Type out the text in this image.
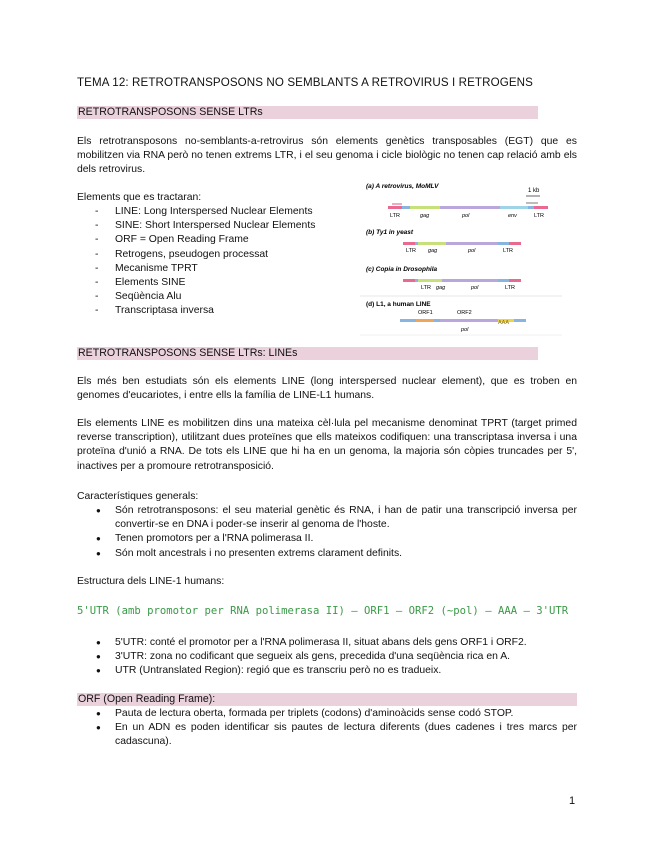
TEMA 12: RETROTRANSPOSONS NO SEMBLANTS A RETROVIRUS I RETROGENS
RETROTRANSPOSONS SENSE LTRs

Els retrotransposons no-semblants-a-retrovirus són elements genètics transposables (EGT) que es mobilitzen via RNA però no tenen extrems LTR, i el seu genoma i cicle biològic no tenen cap relació amb els dels retrovirus.

Elements que es tractaran:
- LINE: Long Interspersed Nuclear Elements
- SINE: Short Interspersed Nuclear Elements
- ORF = Open Reading Frame
- Retrogens, pseudogen processat
- Mecanisme TPRT
- Elements SINE
- Seqüència Alu
- Transcriptasa inversa
(a) A retrovirus, MoMLV
1 kb
LTR	gag	pol	env	LTR
(b) Ty1 in yeast
LTR gag	pol	LTR
(c) Copia in Drosophila
LTR gag	pol	LTR
(d) L1, a human LINE
ORF1	ORF2
AAA
pol
RETROTRANSPOSONS SENSE LTRs: LINEs

Els més ben estudiats són els elements LINE (long interspersed nuclear element), que es troben en genomes d'eucariotes, i entre ells la família de LINE-L1 humans.

Els elements LINE es mobilitzen dins una mateixa cèl·lula pel mecanisme denominat TPRT (target primed reverse transcription), utilitzant dues proteïnes que ells mateixos codifiquen: una transcriptasa inversa i una proteïna d'unió a RNA. De tots els LINE que hi ha en un genoma, la majoria són còpies truncades per 5', inactives per a promoure retrotransposició.

Característiques generals:
● Són retrotransposons: el seu material genètic és RNA, i han de patir una transcripció inversa per convertir-se en DNA i poder-se inserir al genoma de l'hoste.
● Tenen promotors per a l'RNA polimerasa II.
● Són molt ancestrals i no presenten extrems clarament definits.
Estructura dels LINE-1 humans:
5'UTR (amb promotor per RNA polimerasa II) – ORF1 – ORF2 (~pol) – AAA – 3'UTR
● 5'UTR: conté el promotor per a l'RNA polimerasa II, situat abans dels gens ORF1 i ORF2.
● 3'UTR: zona no codificant que segueix als gens, precedida d'una seqüència rica en A.
● UTR (Untranslated Region): regió que es transcriu però no es tradueix.
ORF (Open Reading Frame):
● Pauta de lectura oberta, formada per triplets (codons) d'aminoàcids sense codó STOP.
● En un ADN es poden identificar sis pautes de lectura diferents (dues cadenes i tres marcs per cadascuna).
1
